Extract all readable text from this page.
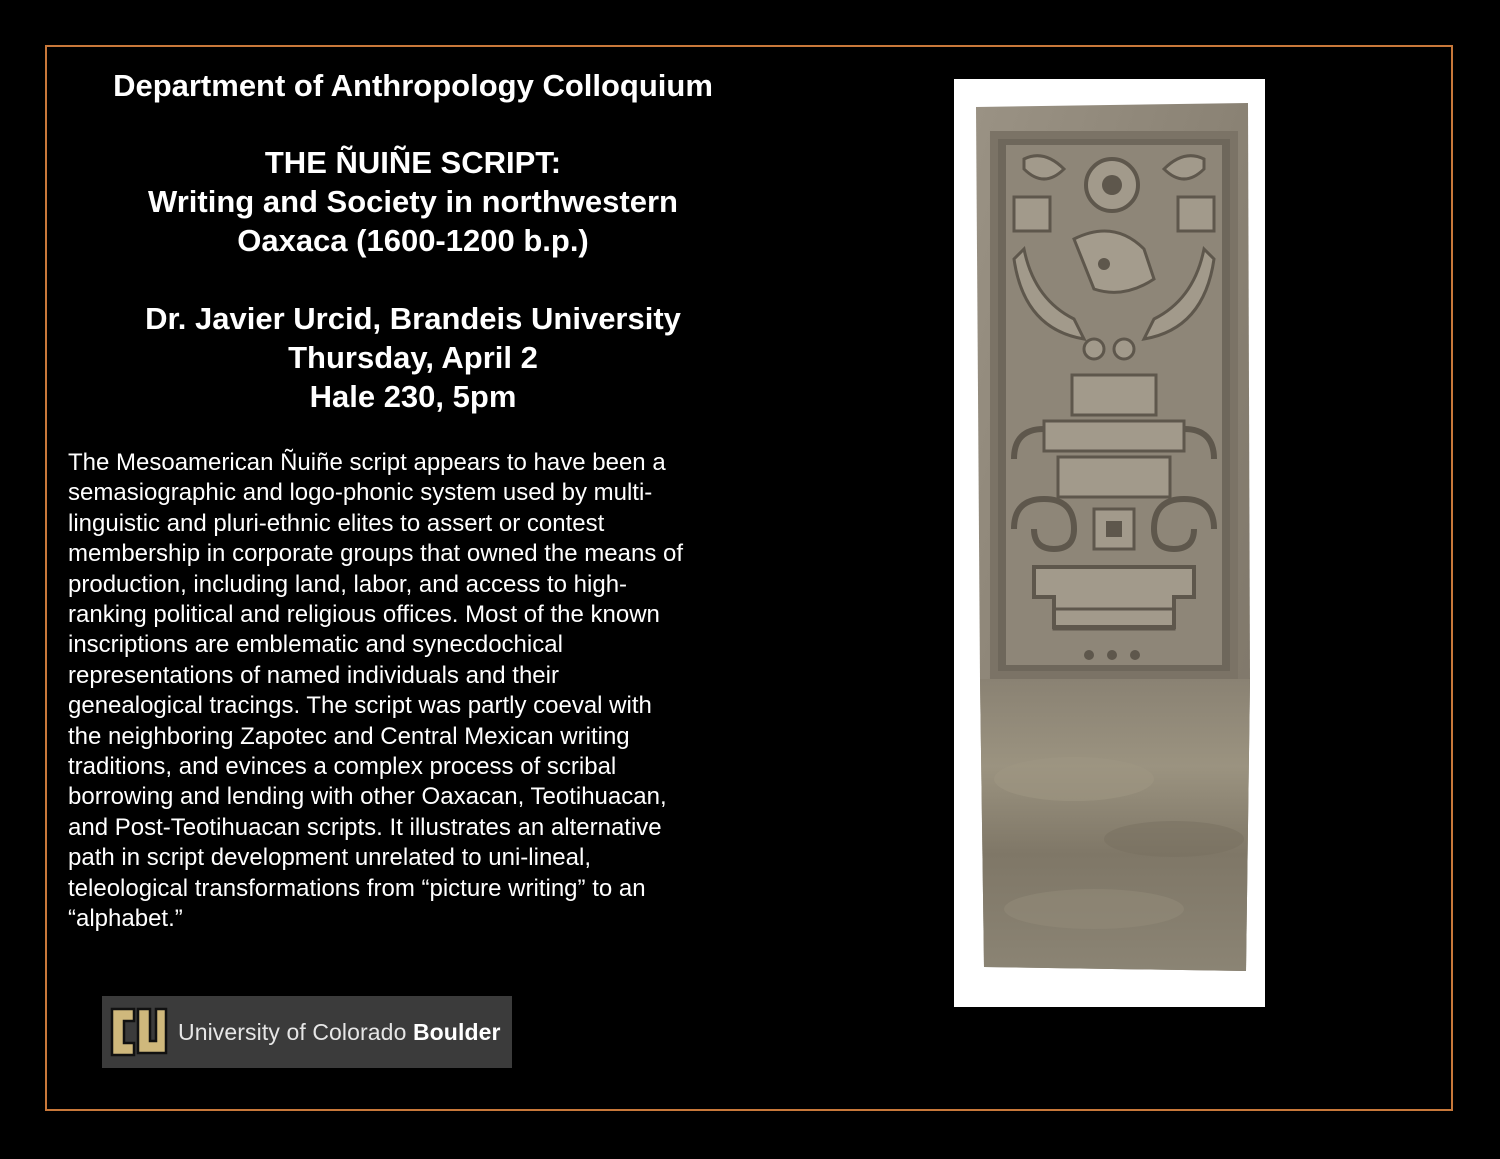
Department of Anthropology Colloquium
THE ÑUIÑE SCRIPT:
Writing and Society in northwestern
Oaxaca (1600-1200 b.p.)
Dr. Javier Urcid, Brandeis University
Thursday, April 2
Hale 230, 5pm
The Mesoamerican Ñuiñe script appears to have been a
semasiographic and logo-phonic system used by multi-
linguistic and pluri-ethnic elites to assert or contest
membership in corporate groups that owned the means of
production, including land, labor, and access to high-
ranking political and religious offices. Most of the known
inscriptions are emblematic and synecdochical
representations of named individuals and their
genealogical tracings. The script was partly coeval with
the neighboring Zapotec and Central Mexican writing
traditions, and evinces a complex process of scribal
borrowing and lending with other Oaxacan, Teotihuacan,
and Post-Teotihuacan scripts. It illustrates an alternative
path in script development unrelated to uni-lineal,
teleological transformations from “picture writing” to an
“alphabet.”
University of Colorado Boulder
